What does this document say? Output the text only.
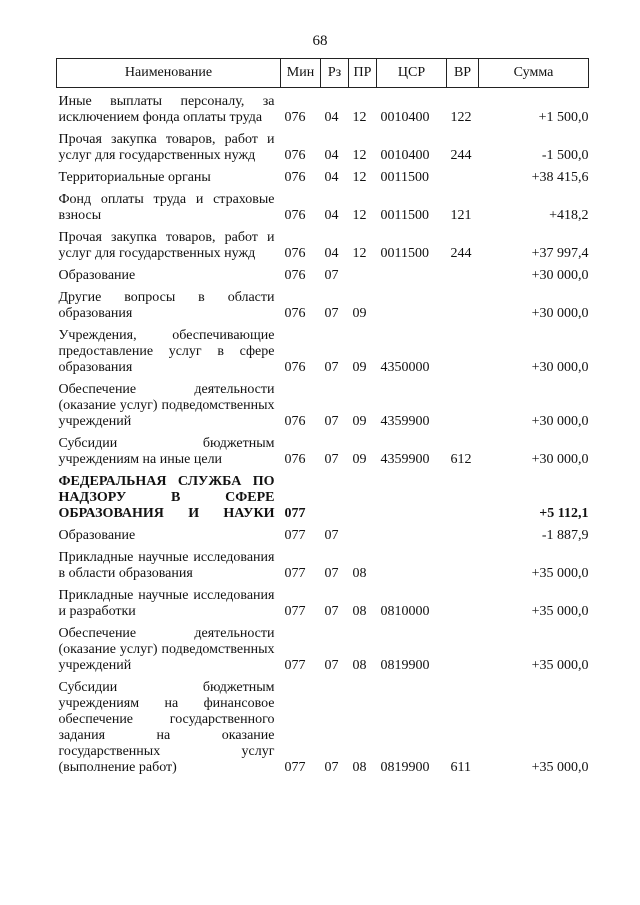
68
Наименование	Мин	Рз	ПР	ЦСР	ВР	Сумма
Иные выплаты персоналу, за исключением фонда оплаты труда	076	04	12	0010400	122	+1 500,0
Прочая закупка товаров, работ и услуг для государственных нужд	076	04	12	0010400	244	-1 500,0
Территориальные органы	076	04	12	0011500		+38 415,6
Фонд оплаты труда и страховые взносы	076	04	12	0011500	121	+418,2
Прочая закупка товаров, работ и услуг для государственных нужд	076	04	12	0011500	244	+37 997,4
Образование	076	07				+30 000,0
Другие вопросы в области образования	076	07	09			+30 000,0
Учреждения, обеспечивающие предоставление услуг в сфере образования	076	07	09	4350000		+30 000,0
Обеспечение деятельности (оказание услуг) подведомственных учреждений	076	07	09	4359900		+30 000,0
Субсидии бюджетным учреждениям на иные цели	076	07	09	4359900	612	+30 000,0
ФЕДЕРАЛЬНАЯ СЛУЖБА ПО НАДЗОРУ В СФЕРЕ ОБРАЗОВАНИЯ И НАУКИ	077					+5 112,1
Образование	077	07				-1 887,9
Прикладные научные исследования в области образования	077	07	08			+35 000,0
Прикладные научные исследования и разработки	077	07	08	0810000		+35 000,0
Обеспечение деятельности (оказание услуг) подведомственных учреждений	077	07	08	0819900		+35 000,0
Субсидии бюджетным учреждениям на финансовое обеспечение государственного задания на оказание государственных услуг (выполнение работ)	077	07	08	0819900	611	+35 000,0
